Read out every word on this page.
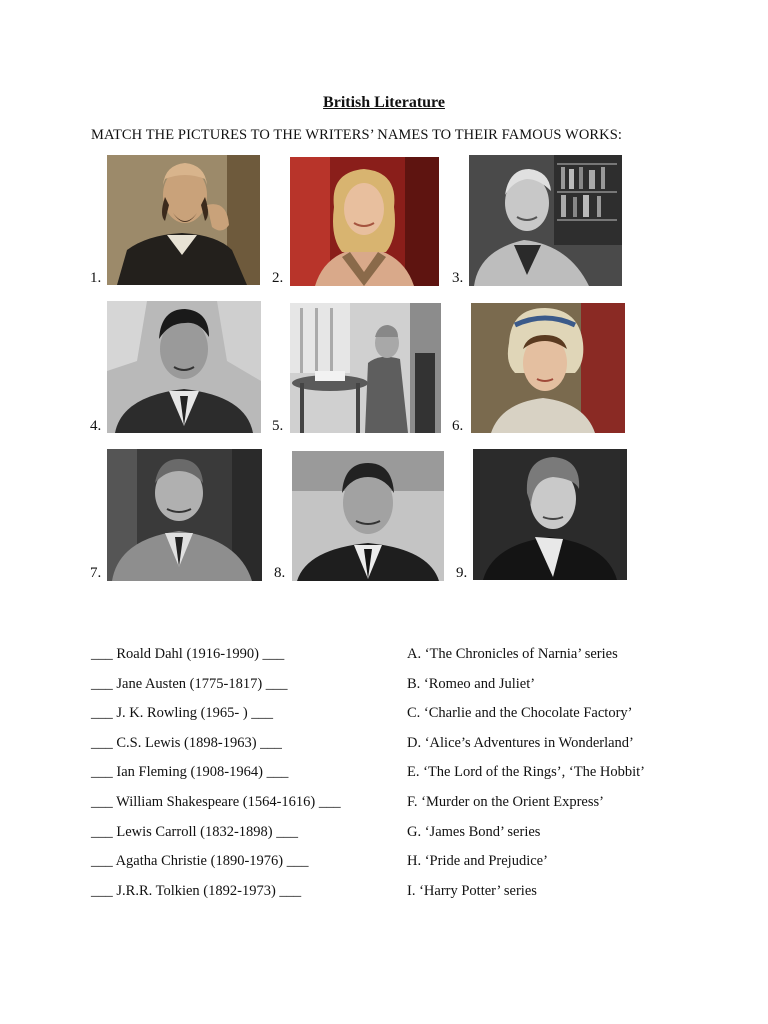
British Literature
MATCH THE PICTURES TO THE WRITERS’ NAMES TO THEIR FAMOUS WORKS:
1.	2.	3.
4.	5.	6.
7.	8.	9.
___ Roald Dahl (1916-1990) ___
___ Jane Austen (1775-1817) ___
___ J. K. Rowling (1965- ) ___
___ C.S. Lewis (1898-1963) ___
___ Ian Fleming (1908-1964) ___
___ William Shakespeare (1564-1616) ___
___ Lewis Carroll (1832-1898) ___
___ Agatha Christie (1890-1976) ___
___ J.R.R. Tolkien (1892-1973) ___
A. ‘The Chronicles of Narnia’ series
B. ‘Romeo and Juliet’
C. ‘Charlie and the Chocolate Factory’
D. ‘Alice’s Adventures in Wonderland’
E. ‘The Lord of the Rings’, ‘The Hobbit’
F. ‘Murder on the Orient Express’
G. ‘James Bond’ series
H. ‘Pride and Prejudice’
I. ‘Harry Potter’ series
